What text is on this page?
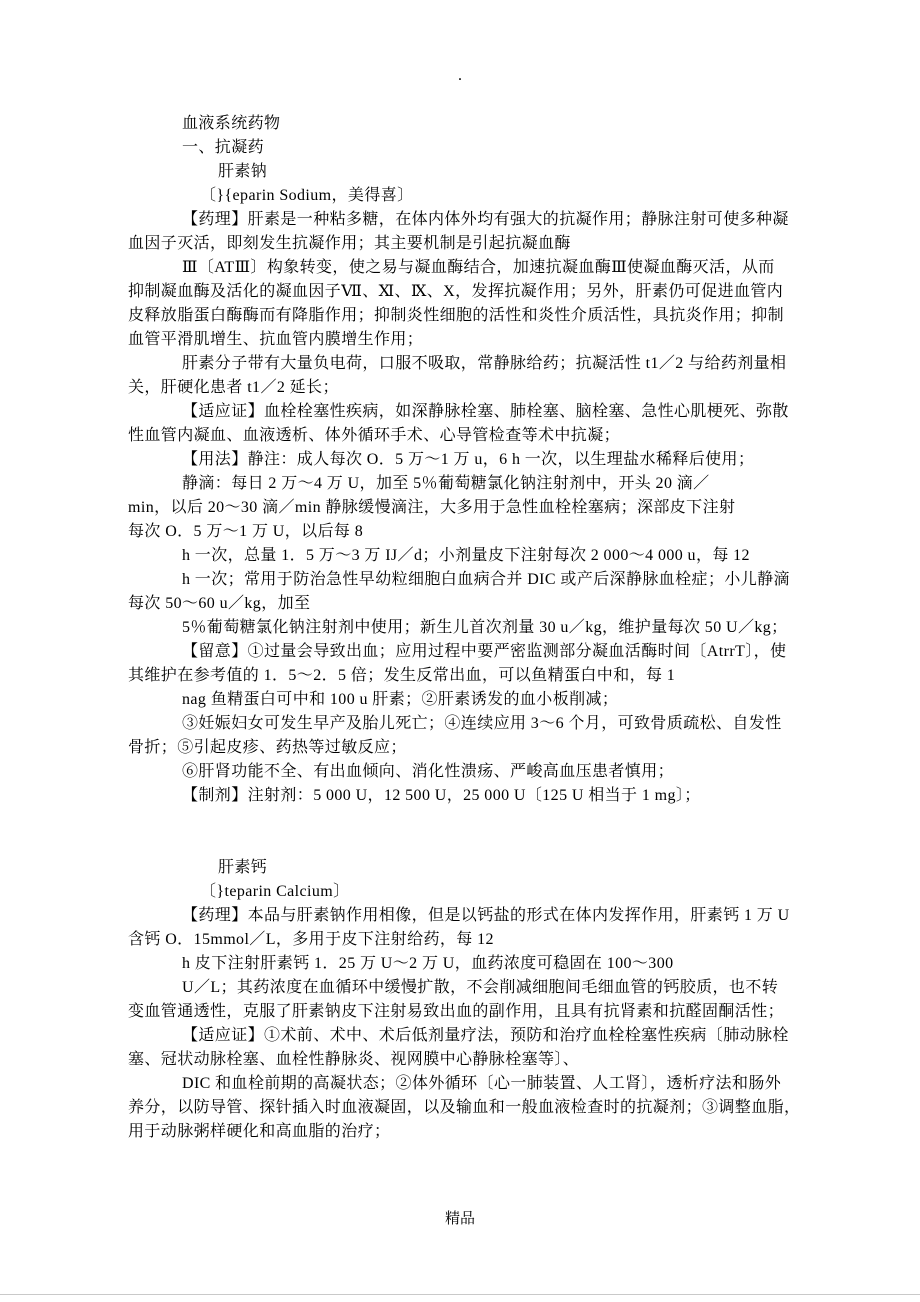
.
血液系统药物
一、抗凝药
肝素钠
〔}{eparin Sodium，美得喜〕
【药理】肝素是一种粘多糖，在体内体外均有强大的抗凝作用；静脉注射可使多种凝
血因子灭活，即刻发生抗凝作用；其主要机制是引起抗凝血酶
Ⅲ〔ATⅢ〕构象转变，使之易与凝血酶结合，加速抗凝血酶Ⅲ使凝血酶灭活，从而
抑制凝血酶及活化的凝血因子Ⅶ、Ⅺ、Ⅸ、X，发挥抗凝作用；另外，肝素仍可促进血管内
皮释放脂蛋白酶酶而有降脂作用；抑制炎性细胞的活性和炎性介质活性，具抗炎作用；抑制
血管平滑肌增生、抗血管内膜增生作用；
肝素分子带有大量负电荷，口服不吸取，常静脉给药；抗凝活性 t1／2 与给药剂量相
关，肝硬化患者 t1／2 延长；
【适应证】血栓栓塞性疾病，如深静脉栓塞、肺栓塞、脑栓塞、急性心肌梗死、弥散
性血管内凝血、血液透析、体外循环手术、心导管检查等术中抗凝；
【用法】静注：成人每次 O．5 万～1 万 u，6 h 一次，以生理盐水稀释后使用；
静滴：每日 2 万～4 万 U，加至 5％葡萄糖氯化钠注射剂中，开头 20 滴／
min，以后 20～30 滴／min 静脉缓慢滴注，大多用于急性血栓栓塞病；深部皮下注射
每次 O．5 万～1 万 U，以后每 8
h 一次，总量 1．5 万～3 万 IJ／d；小剂量皮下注射每次 2 000～4 000 u，每 12
h 一次；常用于防治急性早幼粒细胞白血病合并 DIC 或产后深静脉血栓症；小儿静滴
每次 50～60 u／kg，加至
5％葡萄糖氯化钠注射剂中使用；新生儿首次剂量 30 u／kg，维护量每次 50 U／kg；
【留意】①过量会导致出血；应用过程中要严密监测部分凝血活酶时间〔AtrrT〕，使
其维护在参考值的 1．5～2．5 倍；发生反常出血，可以鱼精蛋白中和，每 1
nag 鱼精蛋白可中和 100 u 肝素；②肝素诱发的血小板削减；
③妊娠妇女可发生早产及胎儿死亡；④连续应用 3～6 个月，可致骨质疏松、自发性
骨折；⑤引起皮疹、药热等过敏反应；
⑥肝肾功能不全、有出血倾向、消化性溃疡、严峻高血压患者慎用；
【制剂】注射剂：5 000 U，12 500 U，25 000 U〔125 U 相当于 1 mg〕；
肝素钙
〔}teparin Calcium〕
【药理】本品与肝素钠作用相像，但是以钙盐的形式在体内发挥作用，肝素钙 1 万 U
含钙 O．15mmol／L，多用于皮下注射给药，每 12
h 皮下注射肝素钙 1．25 万 U～2 万 U，血药浓度可稳固在 100～300
U／L；其药浓度在血循环中缓慢扩散，不会削减细胞间毛细血管的钙胶质，也不转
变血管通透性，克服了肝素钠皮下注射易致出血的副作用，且具有抗肾素和抗醛固酮活性；
【适应证】①术前、术中、术后低剂量疗法，预防和治疗血栓栓塞性疾病〔肺动脉栓
塞、冠状动脉栓塞、血栓性静脉炎、视网膜中心静脉栓塞等〕、
DIC 和血栓前期的高凝状态；②体外循环〔心一肺装置、人工肾〕，透析疗法和肠外
养分，以防导管、探针插入时血液凝固，以及输血和一般血液检查时的抗凝剂；③调整血脂，
用于动脉粥样硬化和高血脂的治疗；
精品
